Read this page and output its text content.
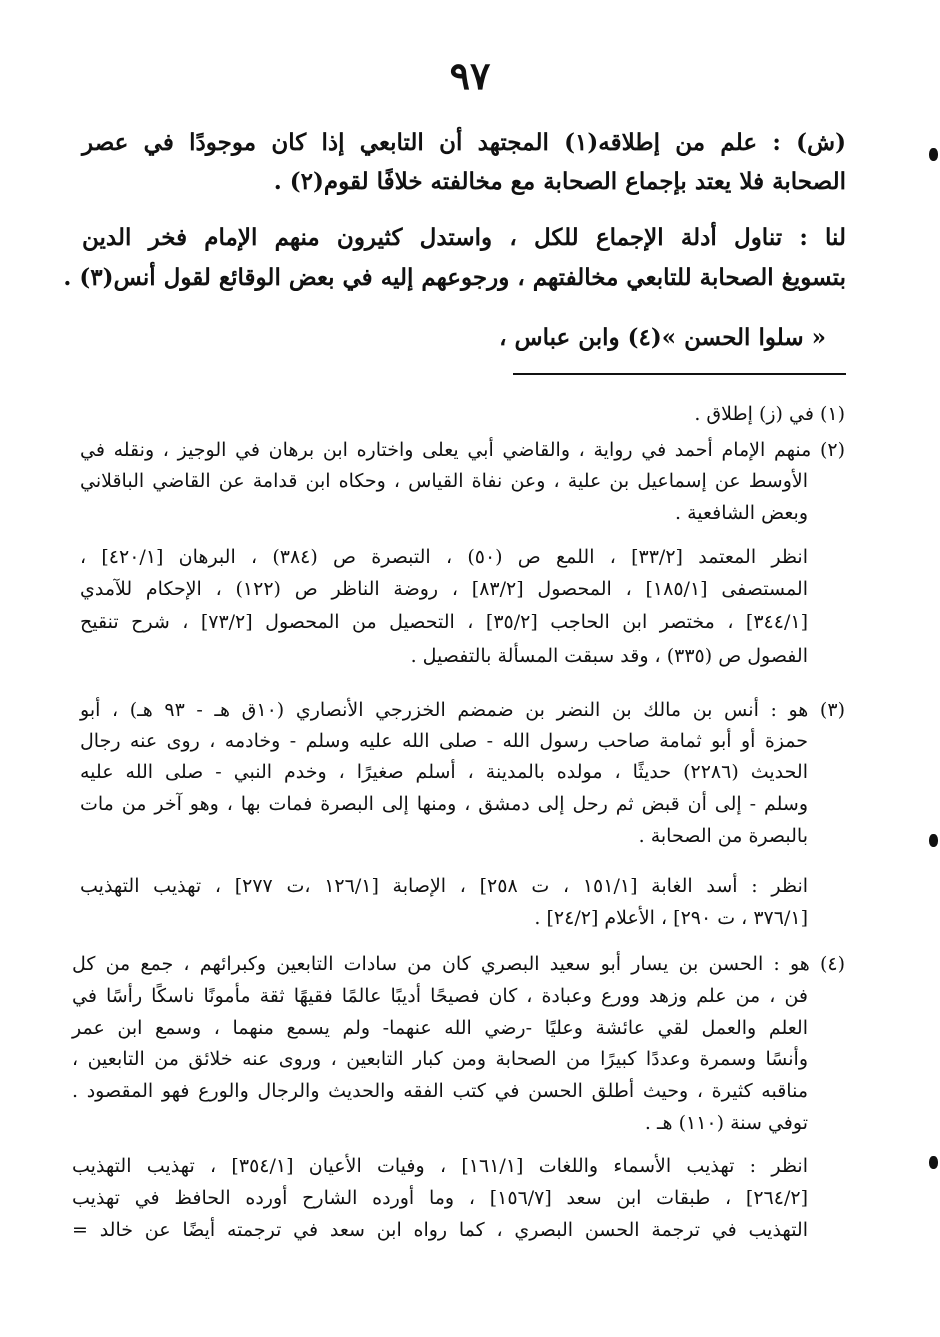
٩٧
(ش) : علم من إطلاقه(١) المجتهد أن التابعي إذا كان موجودًا في عصر
الصحابة فلا يعتد بإجماع الصحابة مع مخالفته خلافًا لقوم(٢) .
لنا : تناول أدلة الإجماع للكل ، واستدل كثيرون منهم الإمام فخر الدين
بتسويغ الصحابة للتابعي مخالفتهم ، ورجوعهم إليه في بعض الوقائع لقول أنس(٣) .
« سلوا الحسن »(٤) وابن عباس ،
(١) في (ز) إطلاق .
(٢) منهم الإمام أحمد في رواية ، والقاضي أبي يعلى واختاره ابن برهان في الوجيز ، ونقله في
الأوسط عن إسماعيل بن علية ، وعن نفاة القياس ، وحكاه ابن قدامة عن القاضي الباقلاني
وبعض الشافعية .
انظر المعتمد [٣٣/٢] ، اللمع ص (٥٠) ، التبصرة ص (٣٨٤) ، البرهان [٤٢٠/١] ،
المستصفى [١٨٥/١] ، المحصول [٨٣/٢] ، روضة الناظر ص (١٢٢) ، الإحكام للآمدي
[٣٤٤/١] ، مختصر ابن الحاجب [٣٥/٢] ، التحصيل من المحصول [٧٣/٢] ، شرح تنقيح
الفصول ص (٣٣٥) ، وقد سبقت المسألة بالتفصيل .
(٣) هو : أنس بن مالك بن النضر بن ضمضم الخزرجي الأنصاري (١٠ق هـ - ٩٣ هـ) ، أبو
حمزة أو أبو ثمامة صاحب رسول الله - صلى الله عليه وسلم - وخادمه ، روى عنه رجال
الحديث (٢٢٨٦) حديثًا ، مولده بالمدينة ، أسلم صغيرًا ، وخدم النبي - صلى الله عليه
وسلم - إلى أن قبض ثم رحل إلى دمشق ، ومنها إلى البصرة فمات بها ، وهو آخر من مات
بالبصرة من الصحابة .
انظر : أسد الغابة [١٥١/١ ، ت ٢٥٨] ، الإصابة [١٢٦/١ ،ت ٢٧٧] ، تهذيب التهذيب
[٣٧٦/١ ، ت ٢٩٠] ، الأعلام [٢٤/٢] .
(٤) هو : الحسن بن يسار أبو سعيد البصري كان من سادات التابعين وكبرائهم ، جمع من كل
فن ، من علم وزهد وورع وعبادة ، كان فصيحًا أديبًا عالمًا فقيهًا ثقة مأمونًا ناسكًا رأسًا في
العلم والعمل لقي عائشة وعليًا -رضي الله عنهما- ولم يسمع منهما ، وسمع ابن عمر
وأنسًا وسمرة وعددًا كبيرًا من الصحابة ومن كبار التابعين ، وروى عنه خلائق من التابعين ،
مناقبه كثيرة ، وحيث أطلق الحسن في كتب الفقه والحديث والرجال والورع فهو المقصود .
توفي سنة (١١٠) هـ .
انظر : تهذيب الأسماء واللغات [١٦١/١] ، وفيات الأعيان [٣٥٤/١] ، تهذيب التهذيب
[٢٦٤/٢] ، طبقات ابن سعد [١٥٦/٧] ، وما أورده الشارح أورده الحافظ في تهذيب
التهذيب في ترجمة الحسن البصري ، كما رواه ابن سعد في ترجمته أيضًا عن خالد =
